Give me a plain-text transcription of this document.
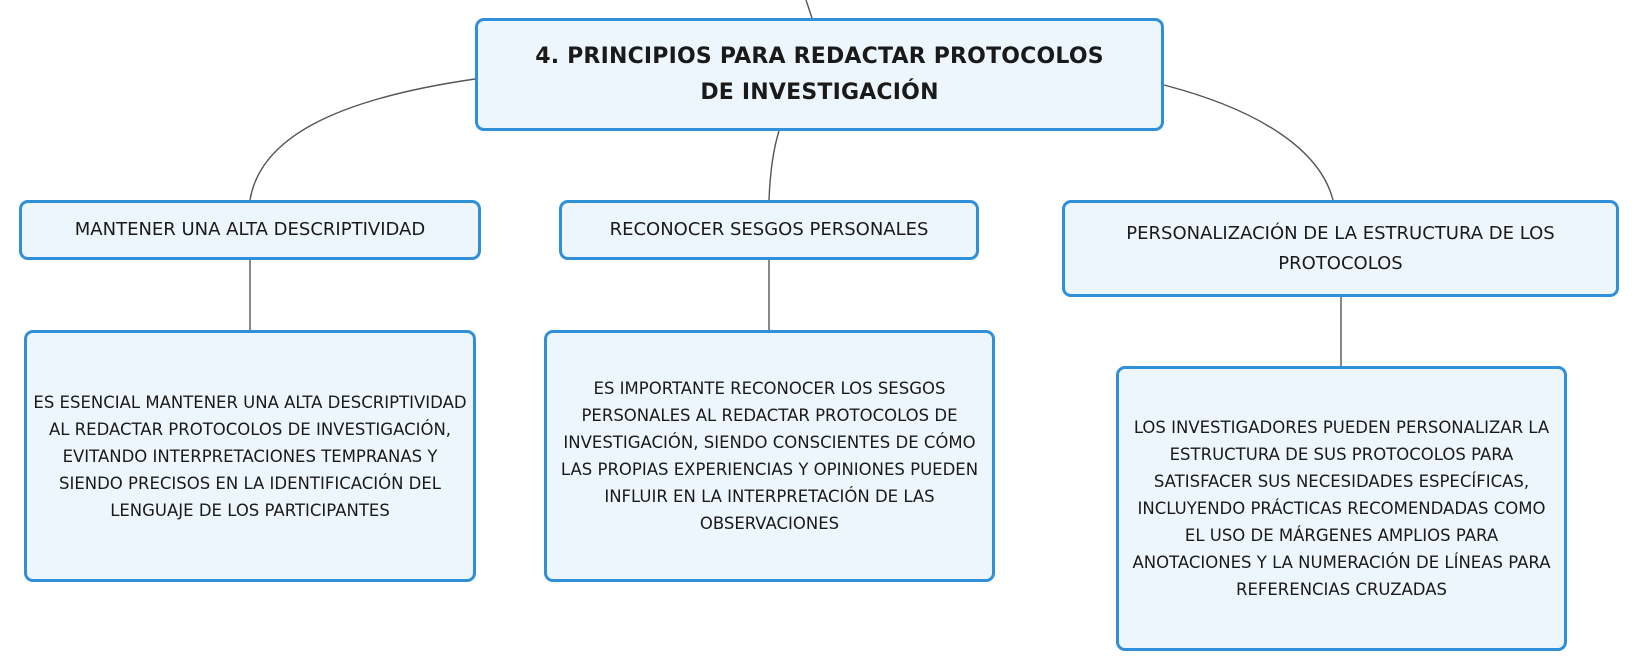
4. PRINCIPIOS PARA REDACTAR PROTOCOLOS DE INVESTIGACIÓN
MANTENER UNA ALTA DESCRIPTIVIDAD	RECONOCER SESGOS PERSONALES	PERSONALIZACIÓN DE LA ESTRUCTURA DE LOS PROTOCOLOS
ES ESENCIAL MANTENER UNA ALTA DESCRIPTIVIDAD AL REDACTAR PROTOCOLOS DE INVESTIGACIÓN, EVITANDO INTERPRETACIONES TEMPRANAS Y SIENDO PRECISOS EN LA IDENTIFICACIÓN DEL LENGUAJE DE LOS PARTICIPANTES
ES IMPORTANTE RECONOCER LOS SESGOS PERSONALES AL REDACTAR PROTOCOLOS DE INVESTIGACIÓN, SIENDO CONSCIENTES DE CÓMO LAS PROPIAS EXPERIENCIAS Y OPINIONES PUEDEN INFLUIR EN LA INTERPRETACIÓN DE LAS OBSERVACIONES
LOS INVESTIGADORES PUEDEN PERSONALIZAR LA ESTRUCTURA DE SUS PROTOCOLOS PARA SATISFACER SUS NECESIDADES ESPECÍFICAS, INCLUYENDO PRÁCTICAS RECOMENDADAS COMO EL USO DE MÁRGENES AMPLIOS PARA ANOTACIONES Y LA NUMERACIÓN DE LÍNEAS PARA REFERENCIAS CRUZADAS
